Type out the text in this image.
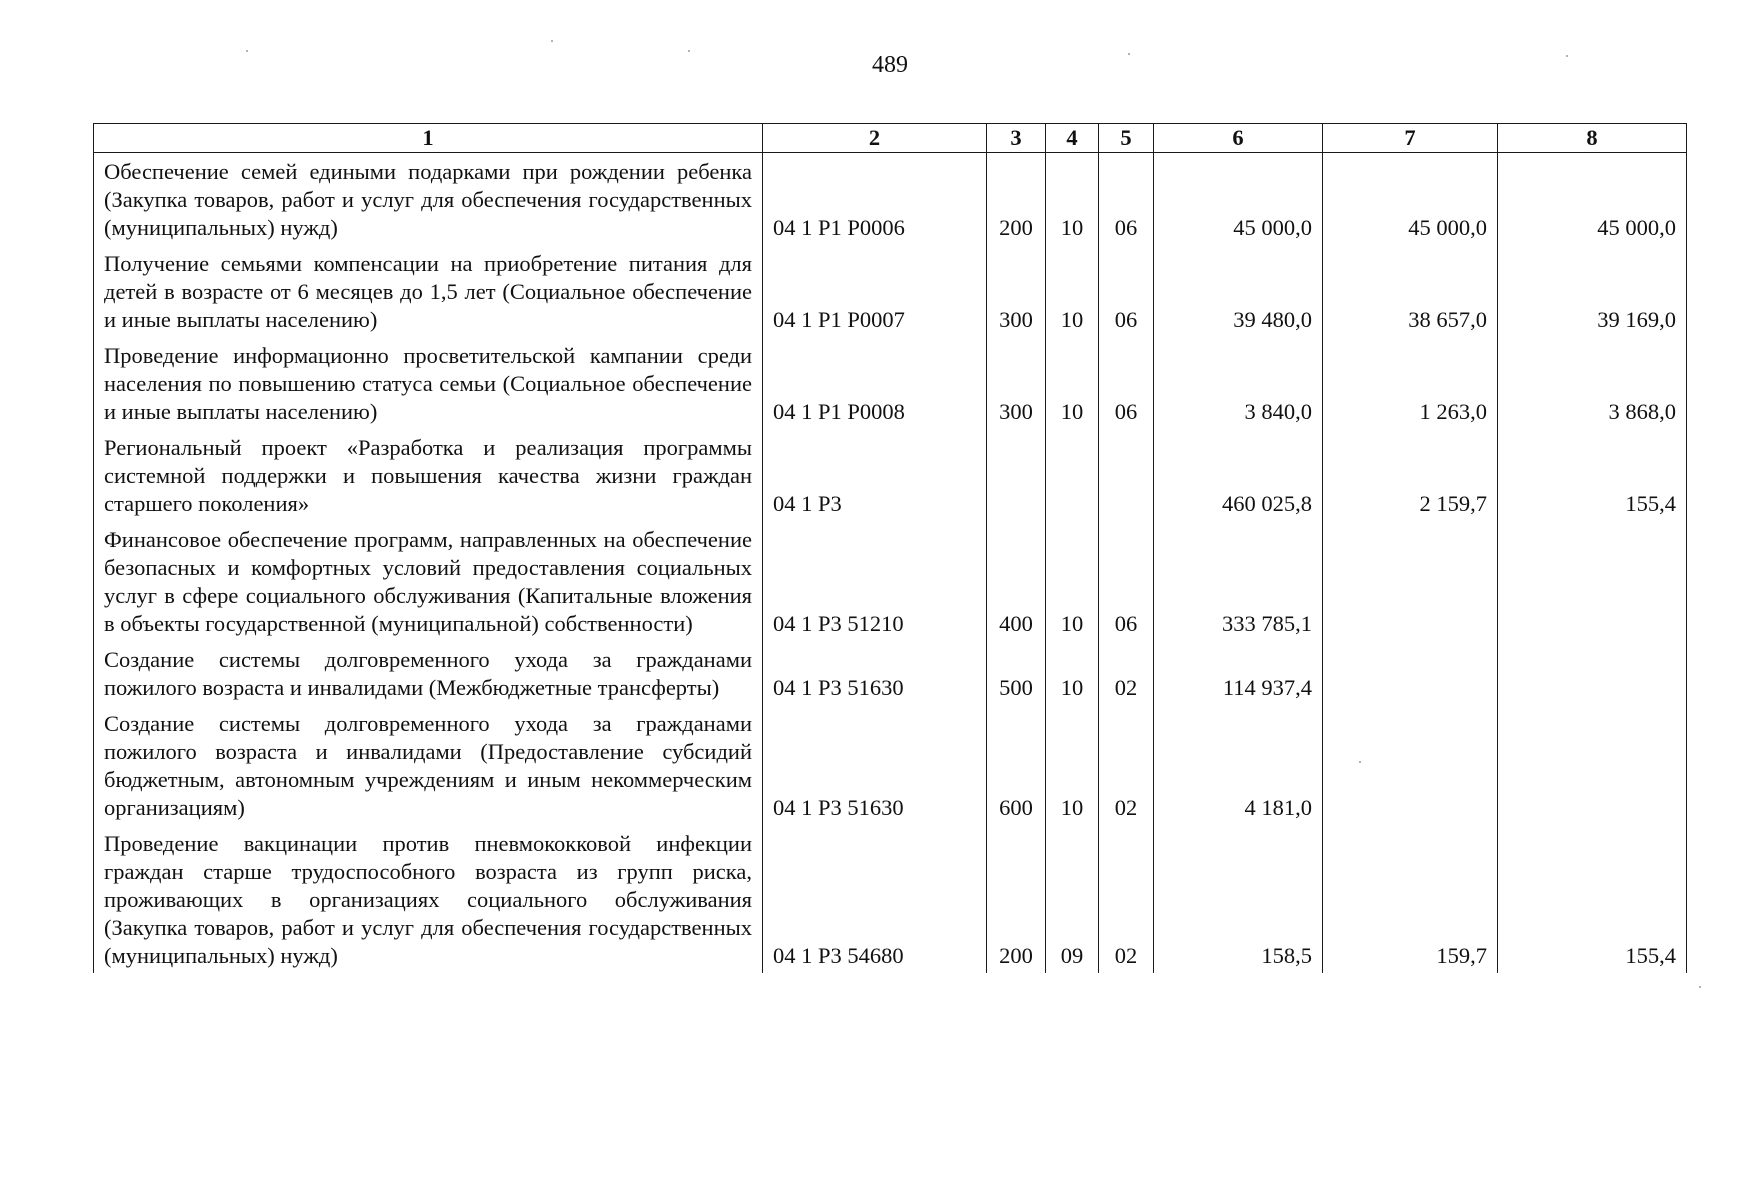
489
1	2	3	4	5	6	7	8
Обеспечение семей едиными подарками при рождении ребенка (Закупка товаров, работ и услуг для обеспечения государственных (муниципальных) нужд)	04 1 P1 P0006	200	10	06	45 000,0	45 000,0	45 000,0
Получение семьями компенсации на приобретение питания для детей в возрасте от 6 месяцев до 1,5 лет (Социальное обеспечение и иные выплаты населению)	04 1 P1 P0007	300	10	06	39 480,0	38 657,0	39 169,0
Проведение информационно просветительской кампании среди населения по повышению статуса семьи (Социальное обеспечение и иные выплаты населению)	04 1 P1 P0008	300	10	06	3 840,0	1 263,0	3 868,0
Региональный проект «Разработка и реализация программы системной поддержки и повышения качества жизни граждан старшего поколения»	04 1 P3				460 025,8	2 159,7	155,4
Финансовое обеспечение программ, направленных на обеспечение безопасных и комфортных условий предоставления социальных услуг в сфере социального обслуживания (Капитальные вложения в объекты государственной (муниципальной) собственности)	04 1 P3 51210	400	10	06	333 785,1		
Создание системы долговременного ухода за гражданами пожилого возраста и инвалидами (Межбюджетные трансферты)	04 1 P3 51630	500	10	02	114 937,4		
Создание системы долговременного ухода за гражданами пожилого возраста и инвалидами (Предоставление субсидий бюджетным, автономным учреждениям и иным некоммерческим организациям)	04 1 P3 51630	600	10	02	4 181,0		
Проведение вакцинации против пневмококковой инфекции граждан старше трудоспособного возраста из групп риска, проживающих в организациях социального обслуживания (Закупка товаров, работ и услуг для обеспечения государственных (муниципальных) нужд)	04 1 P3 54680	200	09	02	158,5	159,7	155,4
